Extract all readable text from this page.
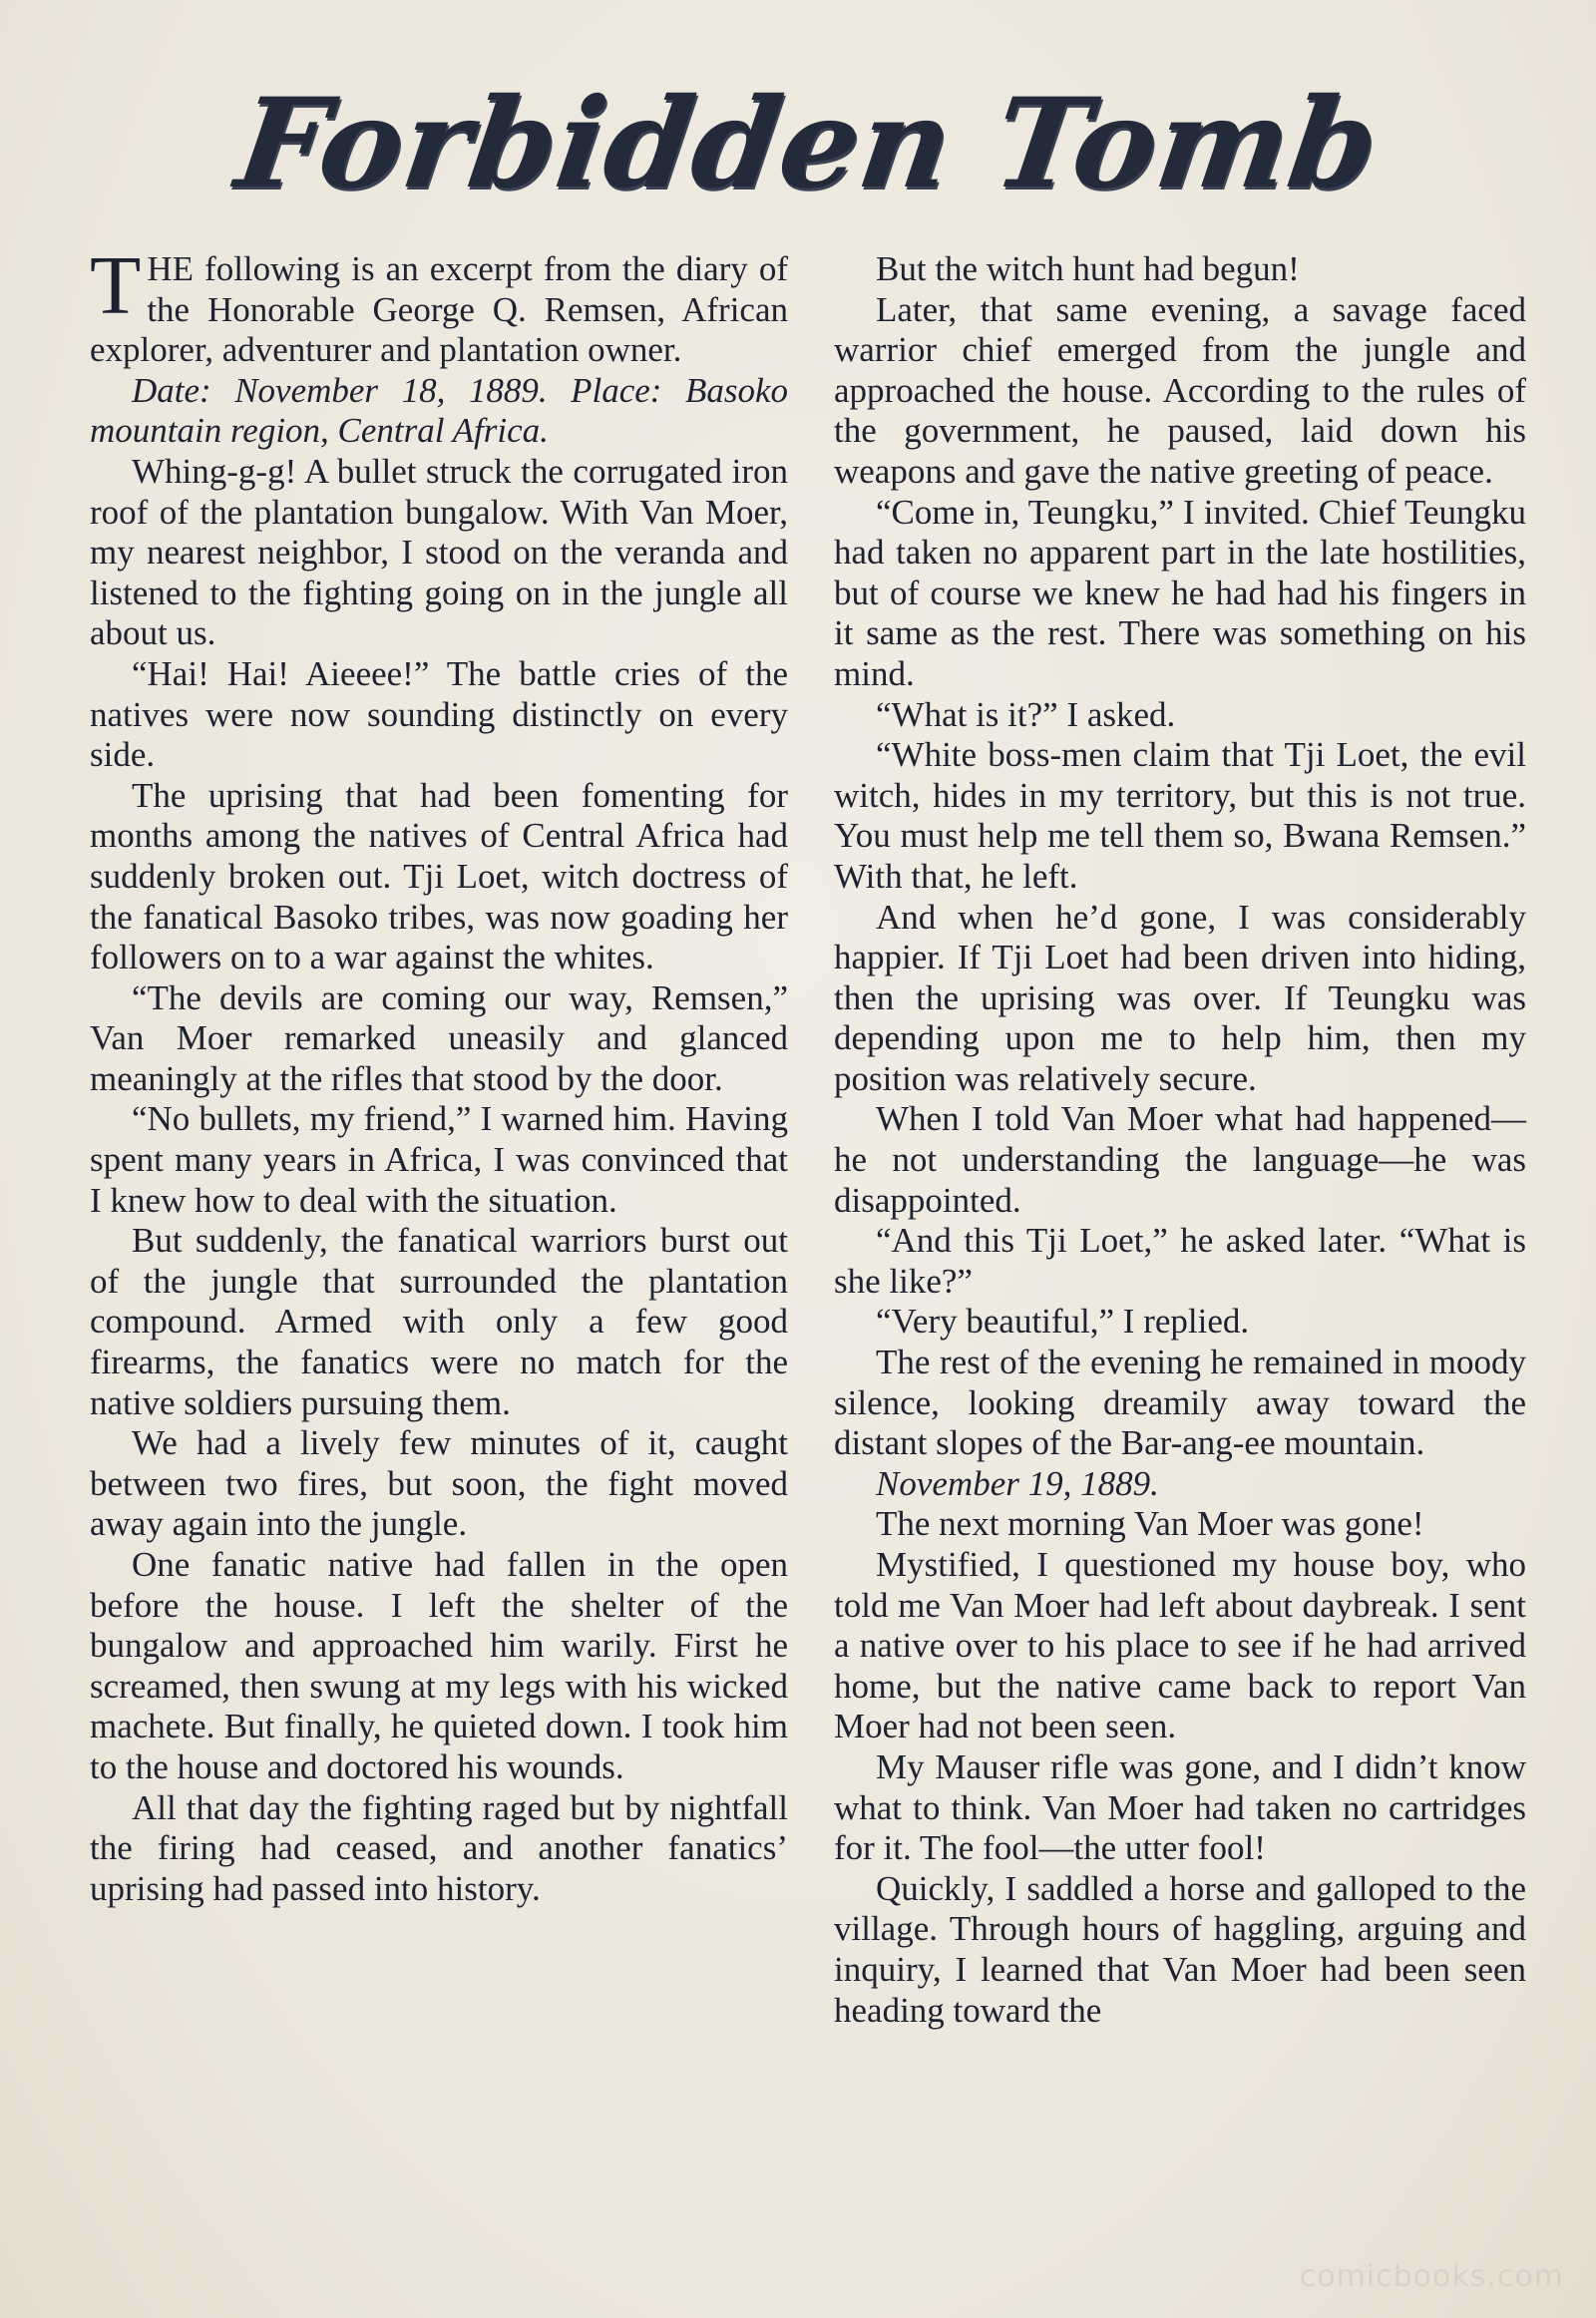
Forbidden Tomb

THE following is an excerpt from the diary of the Honorable George Q. Remsen, African explorer, adventurer and plantation owner.

Date: November 18, 1889. Place: Basoko mountain region, Central Africa.

Whing-g-g! A bullet struck the corrugated iron roof of the plantation bungalow. With Van Moer, my nearest neighbor, I stood on the veranda and listened to the fighting going on in the jungle all about us.

“Hai! Hai! Aieeee!” The battle cries of the natives were now sounding distinctly on every side.

The uprising that had been fomenting for months among the natives of Central Africa had suddenly broken out. Tji Loet, witch doctress of the fanatical Basoko tribes, was now goading her followers on to a war against the whites.

“The devils are coming our way, Remsen,” Van Moer remarked uneasily and glanced meaningly at the rifles that stood by the door.

“No bullets, my friend,” I warned him. Having spent many years in Africa, I was convinced that I knew how to deal with the situation.

But suddenly, the fanatical warriors burst out of the jungle that surrounded the plantation compound. Armed with only a few good firearms, the fanatics were no match for the native soldiers pursuing them.

We had a lively few minutes of it, caught between two fires, but soon, the fight moved away again into the jungle.

One fanatic native had fallen in the open before the house. I left the shelter of the bungalow and approached him warily. First he screamed, then swung at my legs with his wicked machete. But finally, he quieted down. I took him to the house and doctored his wounds.

All that day the fighting raged but by nightfall the firing had ceased, and another fanatics’ uprising had passed into history.

But the witch hunt had begun!

Later, that same evening, a savage faced warrior chief emerged from the jungle and approached the house. According to the rules of the government, he paused, laid down his weapons and gave the native greeting of peace.

“Come in, Teungku,” I invited. Chief Teungku had taken no apparent part in the late hostilities, but of course we knew he had had his fingers in it same as the rest. There was something on his mind.

“What is it?” I asked.

“White boss-men claim that Tji Loet, the evil witch, hides in my territory, but this is not true. You must help me tell them so, Bwana Remsen.” With that, he left.

And when he’d gone, I was considerably happier. If Tji Loet had been driven into hiding, then the uprising was over. If Teungku was depending upon me to help him, then my position was relatively secure.

When I told Van Moer what had happened—he not understanding the language—he was disappointed.

“And this Tji Loet,” he asked later. “What is she like?”

“Very beautiful,” I replied.

The rest of the evening he remained in moody silence, looking dreamily away toward the distant slopes of the Bar-ang-ee mountain.

November 19, 1889.

The next morning Van Moer was gone!

Mystified, I questioned my house boy, who told me Van Moer had left about daybreak. I sent a native over to his place to see if he had arrived home, but the native came back to report Van Moer had not been seen.

My Mauser rifle was gone, and I didn’t know what to think. Van Moer had taken no cartridges for it. The fool—the utter fool!

Quickly, I saddled a horse and galloped to the village. Through hours of haggling, arguing and inquiry, I learned that Van Moer had been seen heading toward the

comicbooks.com
